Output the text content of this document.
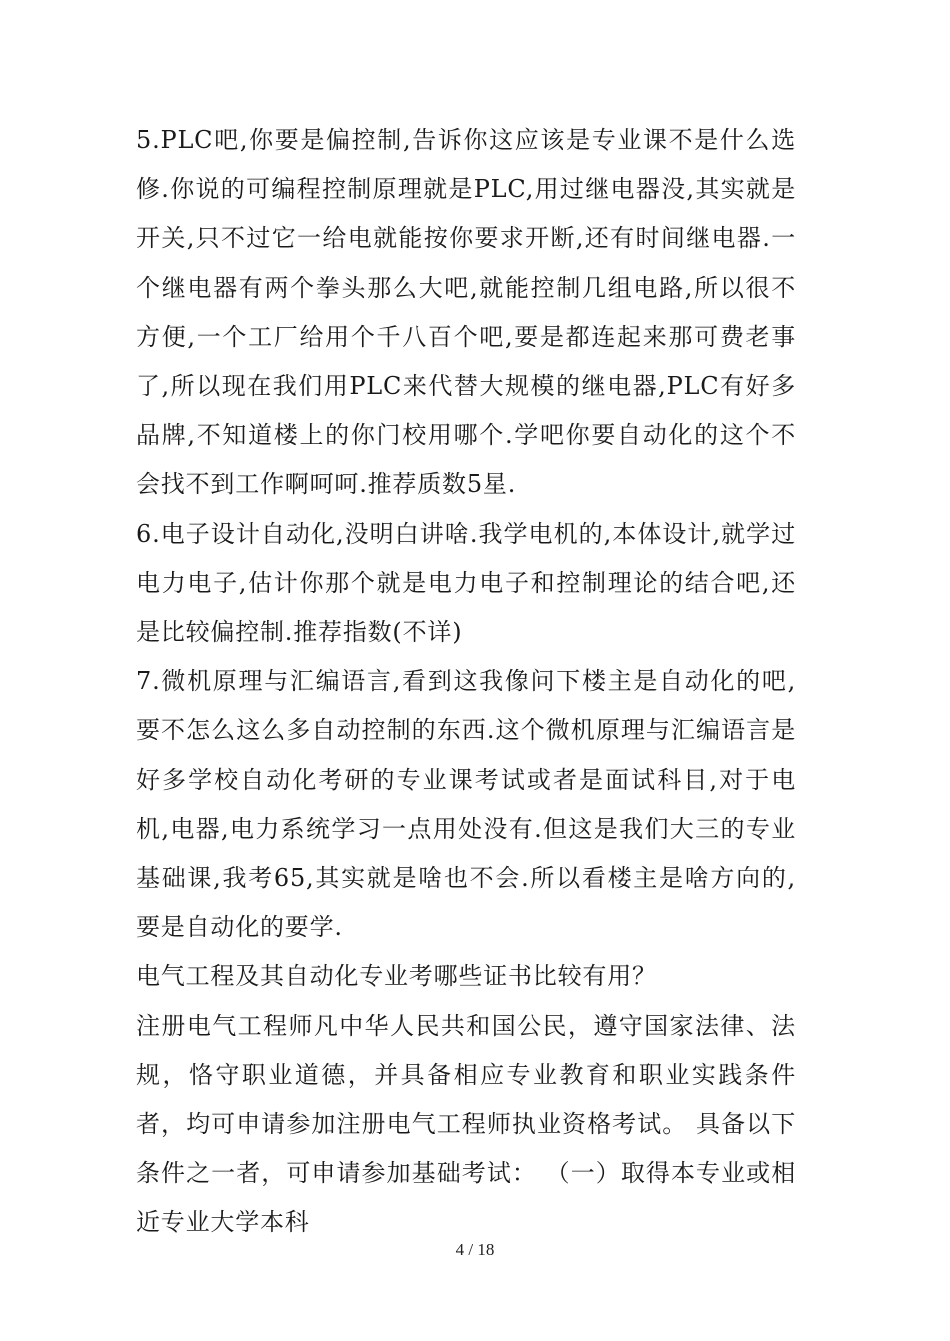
5.PLC吧,你要是偏控制,告诉你这应该是专业课不是什么选修.你说的可编程控制原理就是PLC,用过继电器没,其实就是开关,只不过它一给电就能按你要求开断,还有时间继电器.一个继电器有两个拳头那么大吧,就能控制几组电路,所以很不方便,一个工厂给用个千八百个吧,要是都连起来那可费老事了,所以现在我们用PLC来代替大规模的继电器,PLC有好多品牌,不知道楼上的你门校用哪个.学吧你要自动化的这个不会找不到工作啊呵呵.推荐质数5星.

6.电子设计自动化,没明白讲啥.我学电机的,本体设计,就学过电力电子,估计你那个就是电力电子和控制理论的结合吧,还是比较偏控制.推荐指数(不详)

7.微机原理与汇编语言,看到这我像问下楼主是自动化的吧,要不怎么这么多自动控制的东西.这个微机原理与汇编语言是好多学校自动化考研的专业课考试或者是面试科目,对于电机,电器,电力系统学习一点用处没有.但这是我们大三的专业基础课,我考65,其实就是啥也不会.所以看楼主是啥方向的,要是自动化的要学.

电气工程及其自动化专业考哪些证书比较有用？

注册电气工程师凡中华人民共和国公民，遵守国家法律、法规，恪守职业道德，并具备相应专业教育和职业实践条件者，均可申请参加注册电气工程师执业资格考试。 具备以下条件之一者，可申请参加基础考试： （一）取得本专业或相近专业大学本科

4 / 18
